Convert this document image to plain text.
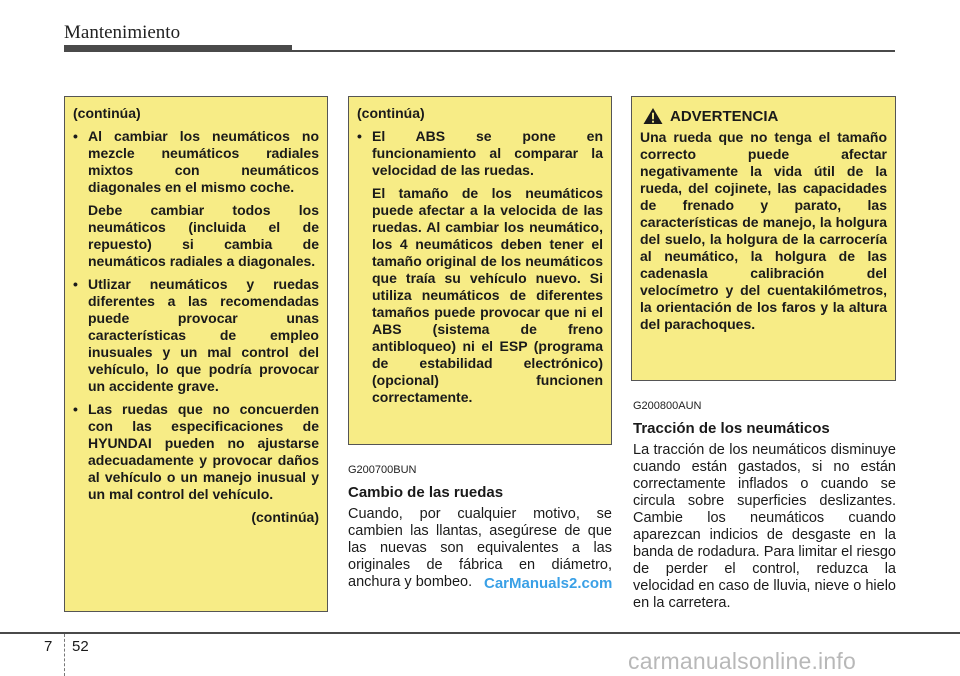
Mantenimiento
(continúa)
• Al cambiar los neumáticos no mezcle neumáticos radiales mixtos con neumáticos diagonales en el mismo coche.
Debe cambiar todos los neumáticos (incluida el de repuesto) si cambia de neumáticos radiales a diagonales.
• Utlizar neumáticos y ruedas diferentes a las recomendadas puede provocar unas características de empleo inusuales y un mal control del vehículo, lo que podría provocar un accidente grave.
• Las ruedas que no concuerden con las especificaciones de HYUNDAI pueden no ajustarse adecuadamente y provocar daños al vehículo o un manejo inusual y un mal control del vehículo.
(continúa)
(continúa)
• El ABS se pone en funcionamiento al comparar la velocidad de las ruedas.
El tamaño de los neumáticos puede afectar a la velocida de las ruedas. Al cambiar los neumático, los 4 neumáticos deben tener el tamaño original de los neumáticos que traía su vehículo nuevo. Si utiliza neumáticos de diferentes tamaños puede provocar que ni el ABS (sistema de freno antibloqueo) ni el ESP (programa de estabilidad electrónico) (opcional) funcionen correctamente.
G200700BUN
Cambio de las ruedas
Cuando, por cualquier motivo, se cambien las llantas, asegúrese de que las nuevas son equivalentes a las originales de fábrica en diámetro, anchura y bombeo.
ADVERTENCIA
Una rueda que no tenga el tamaño correcto puede afectar negativamente la vida útil de la rueda, del cojinete, las capacidades de frenado y parato, las características de manejo, la holgura del suelo, la holgura de la carrocería al neumático, la holgura de las cadenasla calibración del velocímetro y del cuentakilómetros, la orientación de los faros y la altura del parachoques.
G200800AUN
Tracción de los neumáticos
La tracción de los neumáticos disminuye cuando están gastados, si no están correctamente inflados o cuando se circula sobre superficies deslizantes. Cambie los neumáticos cuando aparezcan indicios de desgaste en la banda de rodadura. Para limitar el riesgo de perder el control, reduzca la velocidad en caso de lluvia, nieve o hielo en la carretera.
CarManuals2.com
7 52
carmanualsonline.info
